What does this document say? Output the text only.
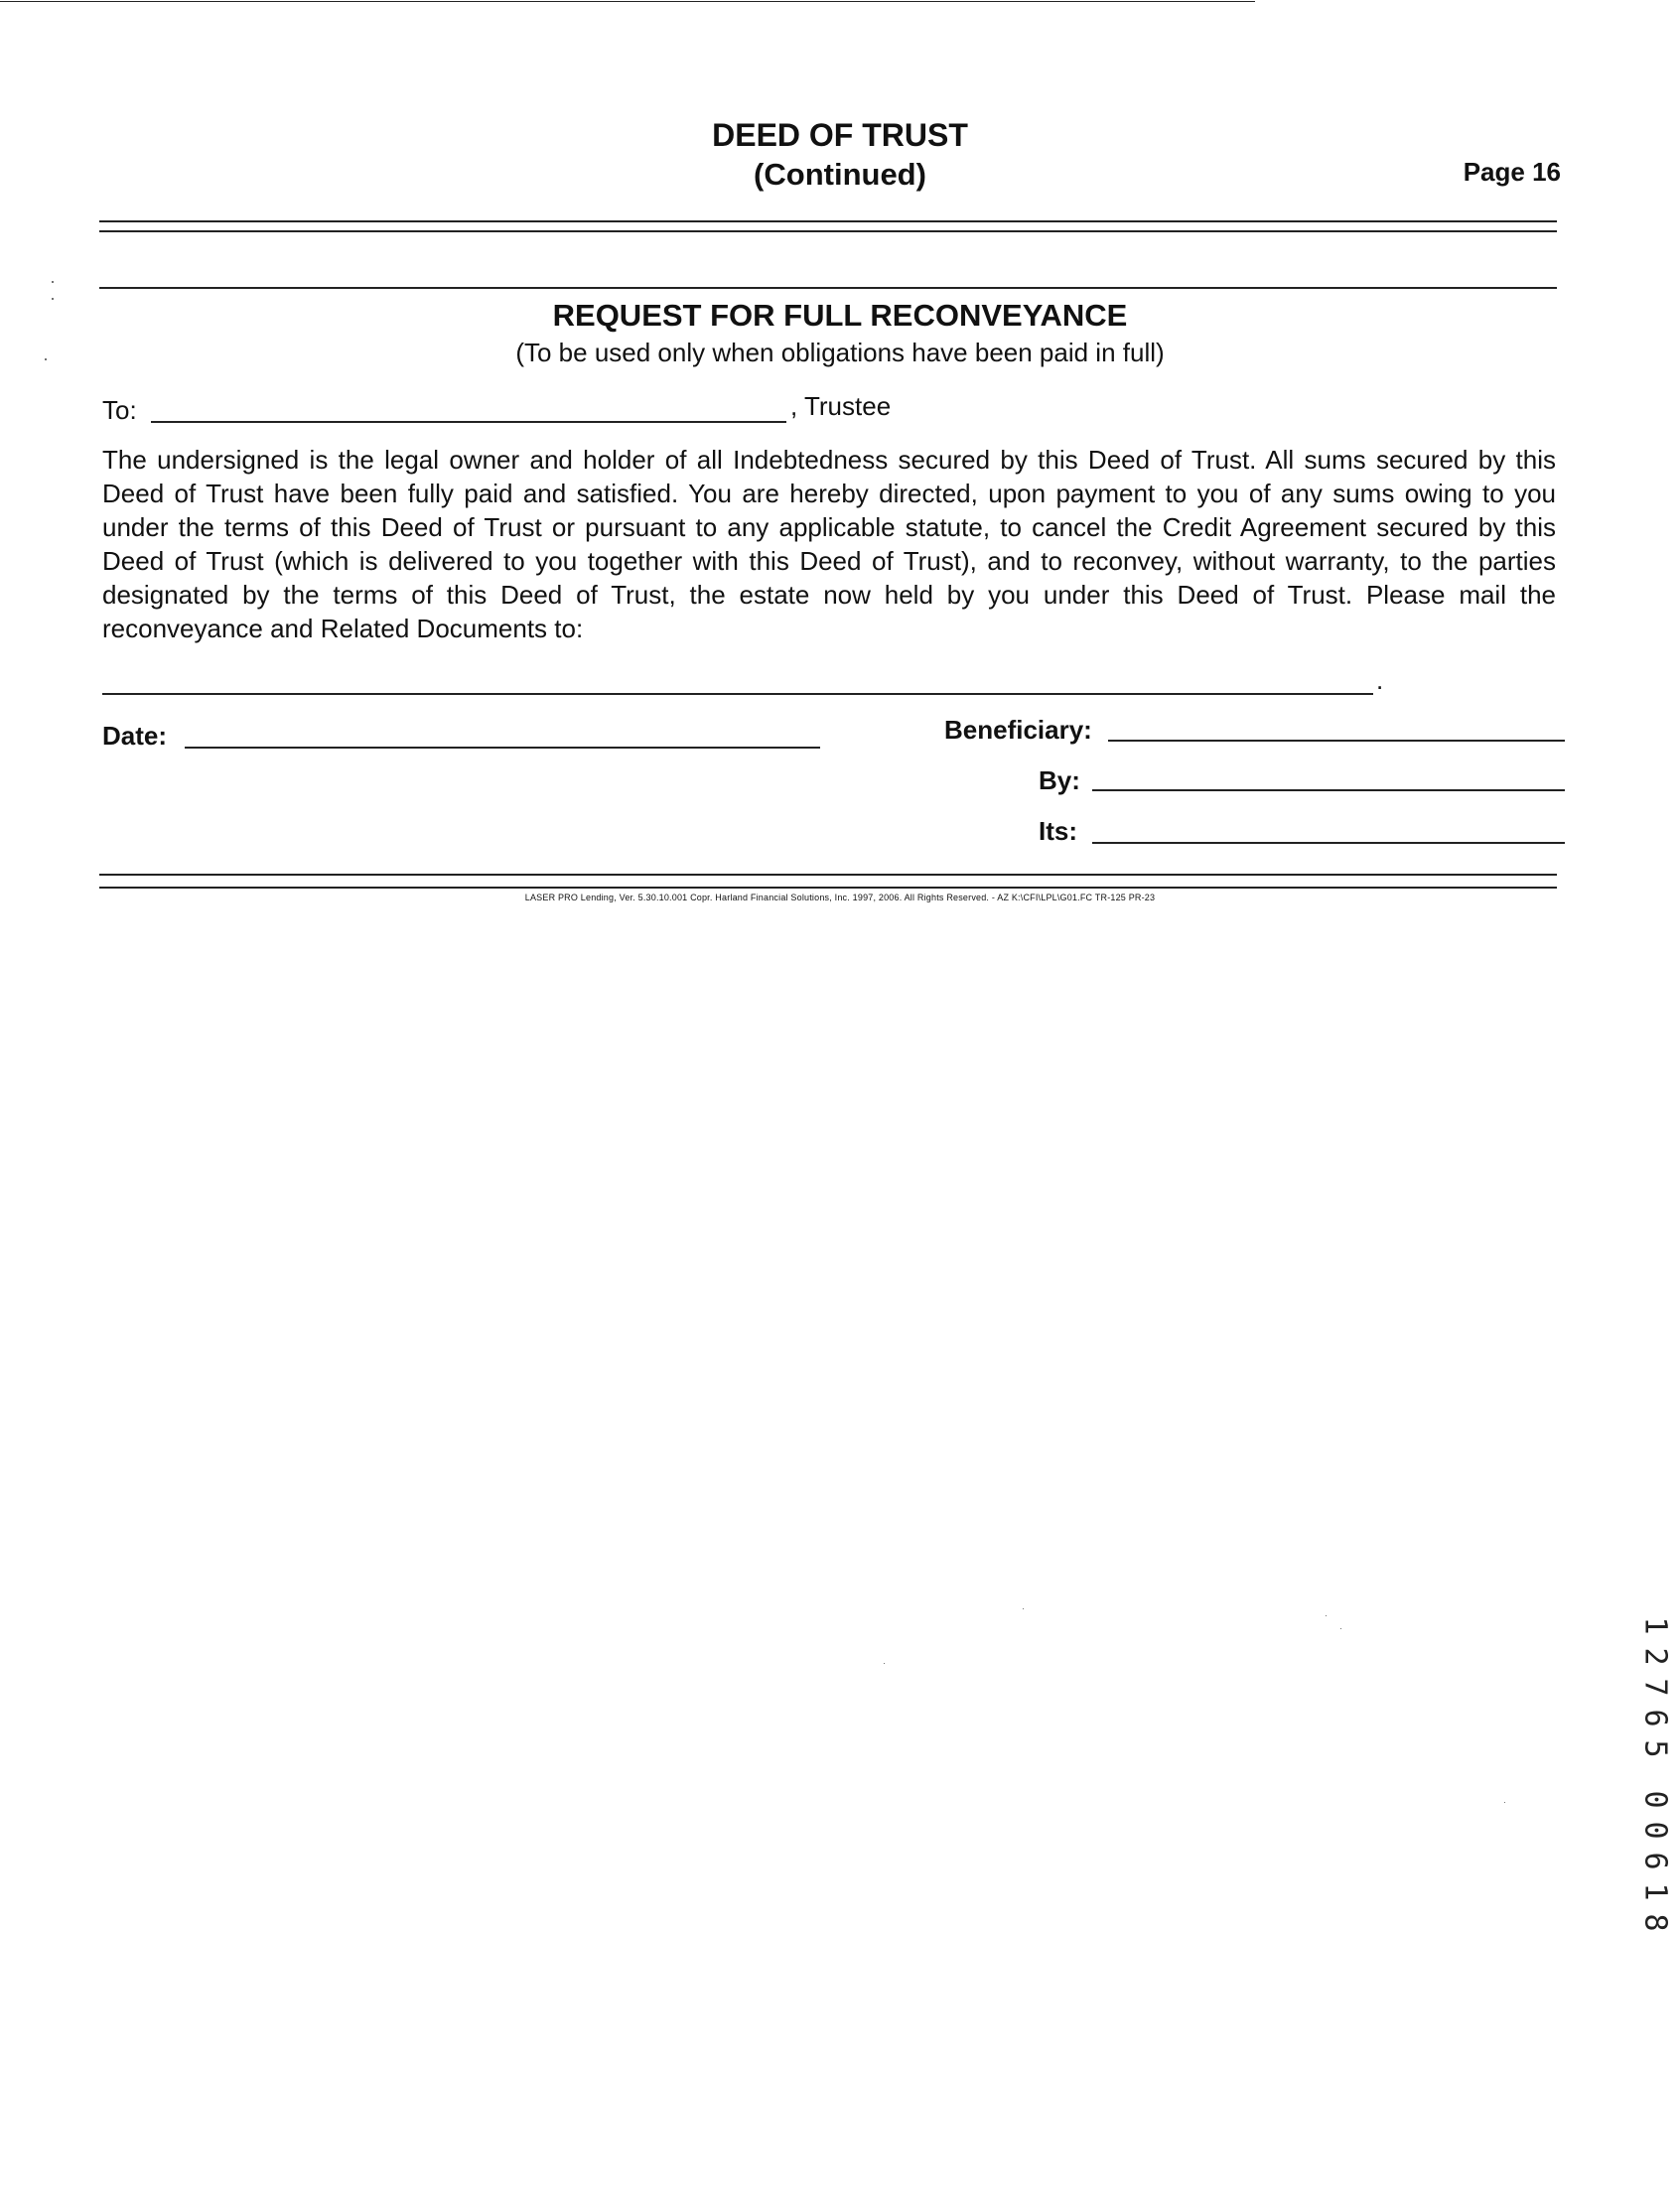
DEED OF TRUST
(Continued)	Page 16
REQUEST FOR FULL RECONVEYANCE
(To be used only when obligations have been paid in full)
To:	, Trustee
The undersigned is the legal owner and holder of all Indebtedness secured by this Deed of Trust. All sums secured by this Deed of Trust have been fully paid and satisfied. You are hereby directed, upon payment to you of any sums owing to you under the terms of this Deed of Trust or pursuant to any applicable statute, to cancel the Credit Agreement secured by this Deed of Trust (which is delivered to you together with this Deed of Trust), and to reconvey, without warranty, to the parties designated by the terms of this Deed of Trust, the estate now held by you under this Deed of Trust. Please mail the reconveyance and Related Documents to:
.
Date:	Beneficiary:
By:
Its:
LASER PRO Lending, Ver. 5.30.10.001 Copr. Harland Financial Solutions, Inc. 1997, 2006. All Rights Reserved. - AZ K:\CFI\LPL\G01.FC TR-125 PR-23
1
2
7
6
5
0
0
6
1
8
